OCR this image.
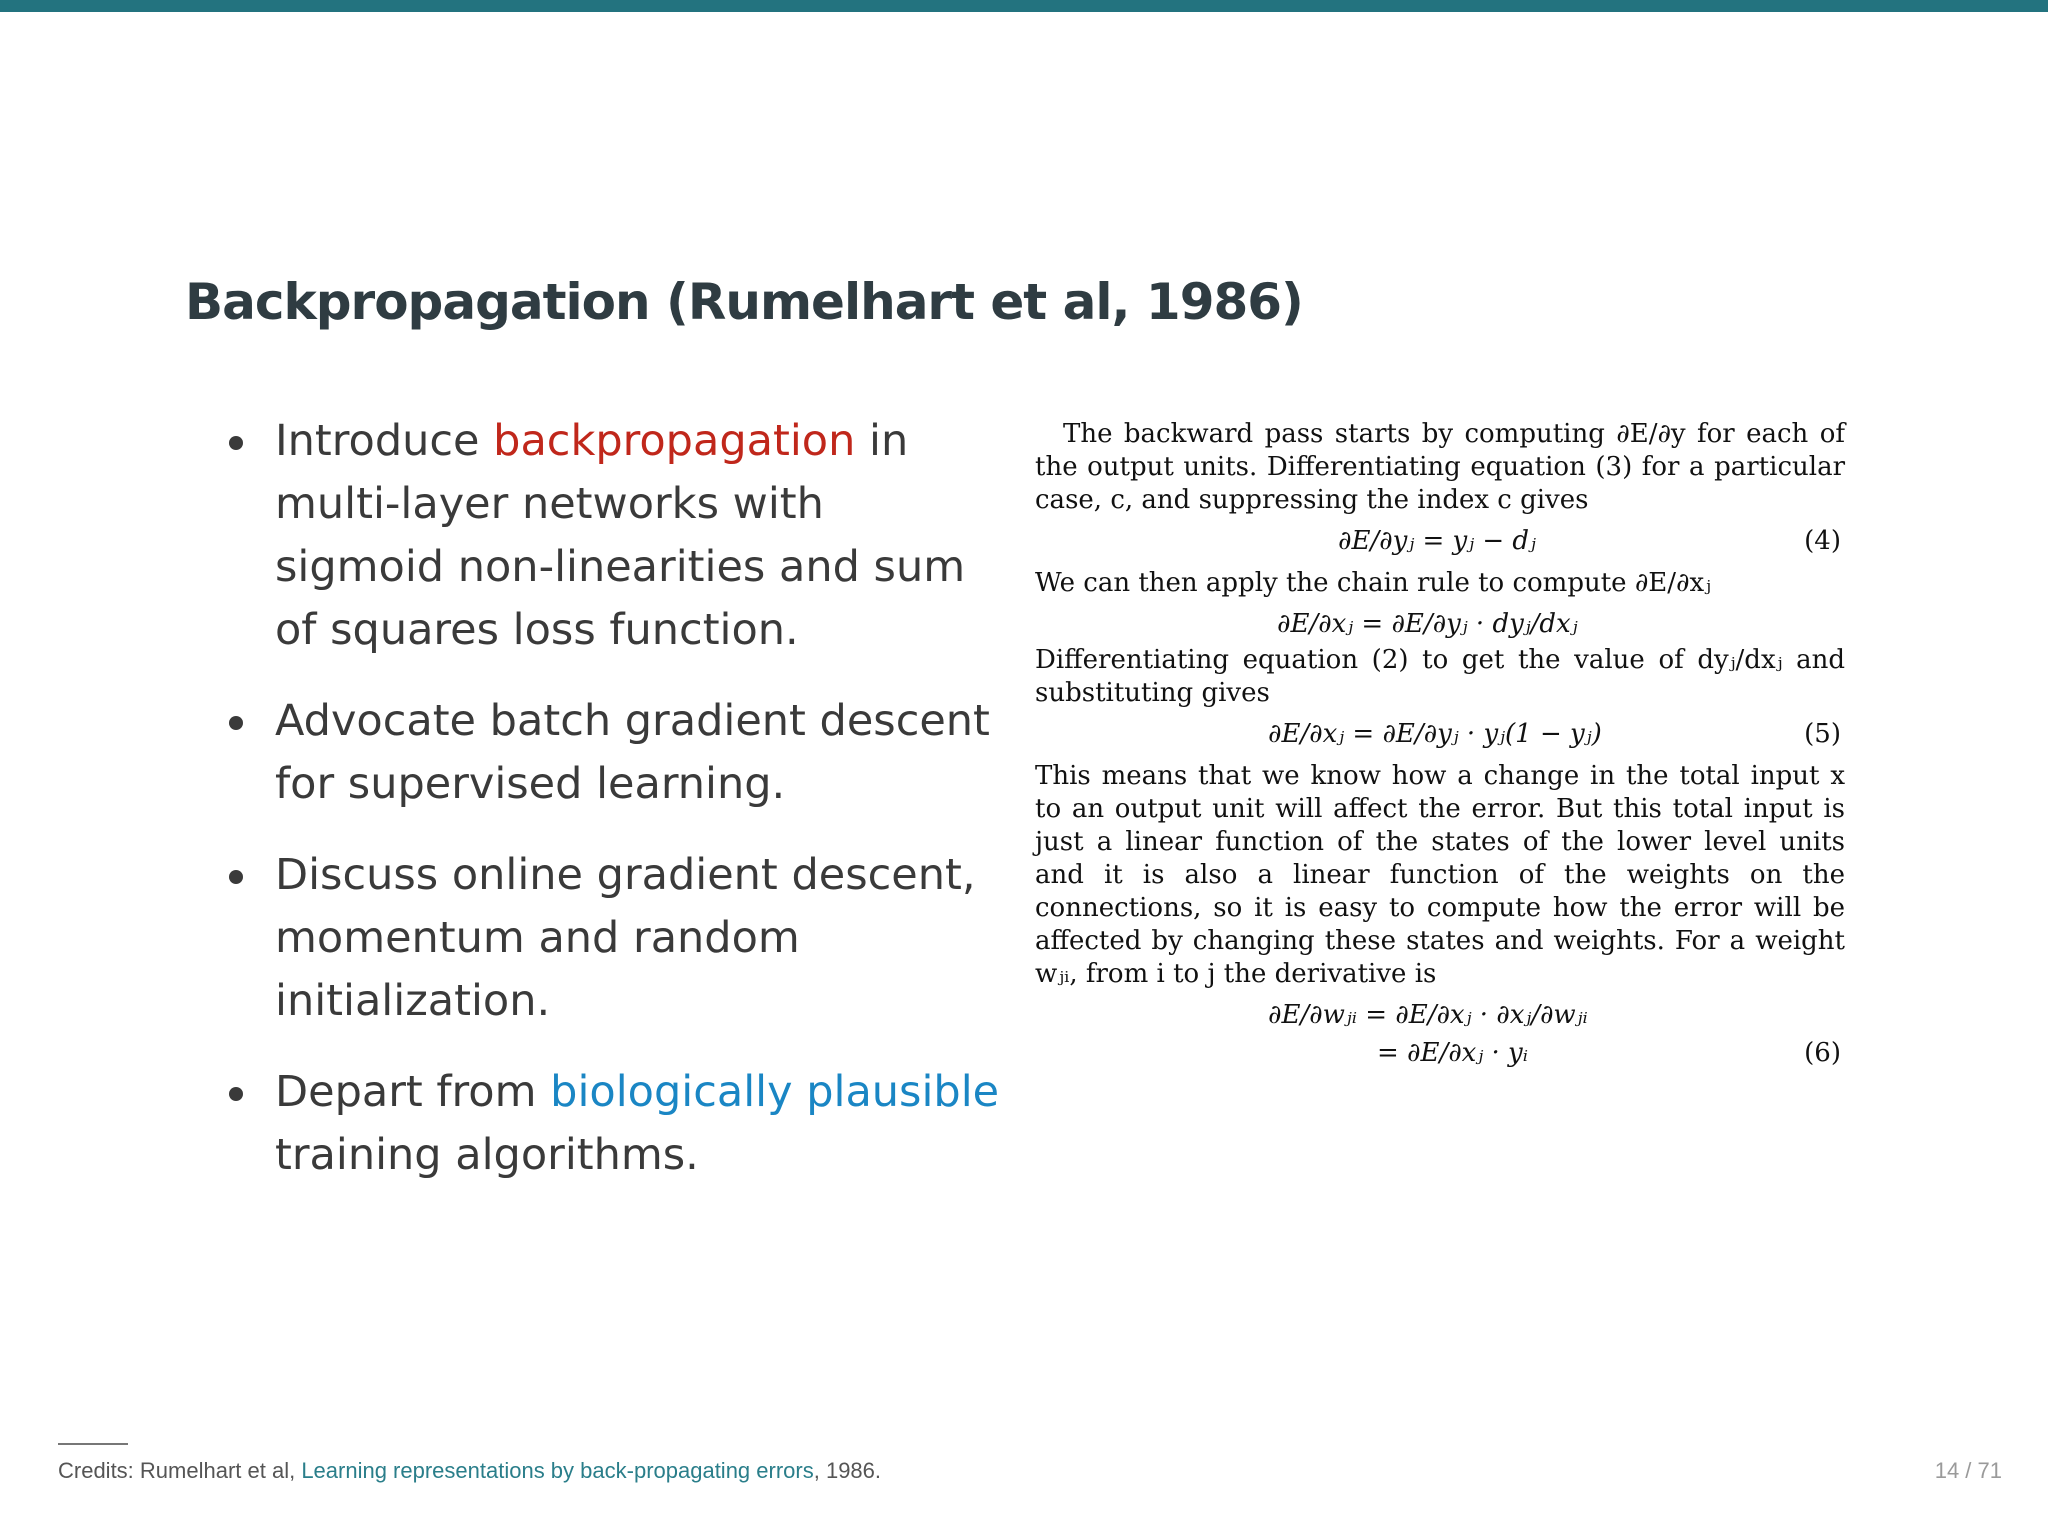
Backpropagation (Rumelhart et al, 1986)
Introduce backpropagation in multi-layer networks with sigmoid non-linearities and sum of squares loss function.
Advocate batch gradient descent for supervised learning.
Discuss online gradient descent, momentum and random initialization.
Depart from biologically plausible training algorithms.

The backward pass starts by computing ∂E/∂y for each of the output units. Differentiating equation (3) for a particular case, c, and suppressing the index c gives

∂E/∂yⱼ = yⱼ − dⱼ	(4)

We can then apply the chain rule to compute ∂E/∂xⱼ

∂E/∂xⱼ = ∂E/∂yⱼ · dyⱼ/dxⱼ

Differentiating equation (2) to get the value of dyⱼ/dxⱼ and substituting gives

∂E/∂xⱼ = ∂E/∂yⱼ · yⱼ(1 − yⱼ)	(5)

This means that we know how a change in the total input x to an output unit will affect the error. But this total input is just a linear function of the states of the lower level units and it is also a linear function of the weights on the connections, so it is easy to compute how the error will be affected by changing these states and weights. For a weight wⱼᵢ, from i to j the derivative is

∂E/∂wⱼᵢ = ∂E/∂xⱼ · ∂xⱼ/∂wⱼᵢ
= ∂E/∂xⱼ · yᵢ	(6)
Credits: Rumelhart et al, Learning representations by back-propagating errors, 1986.	14 / 71
